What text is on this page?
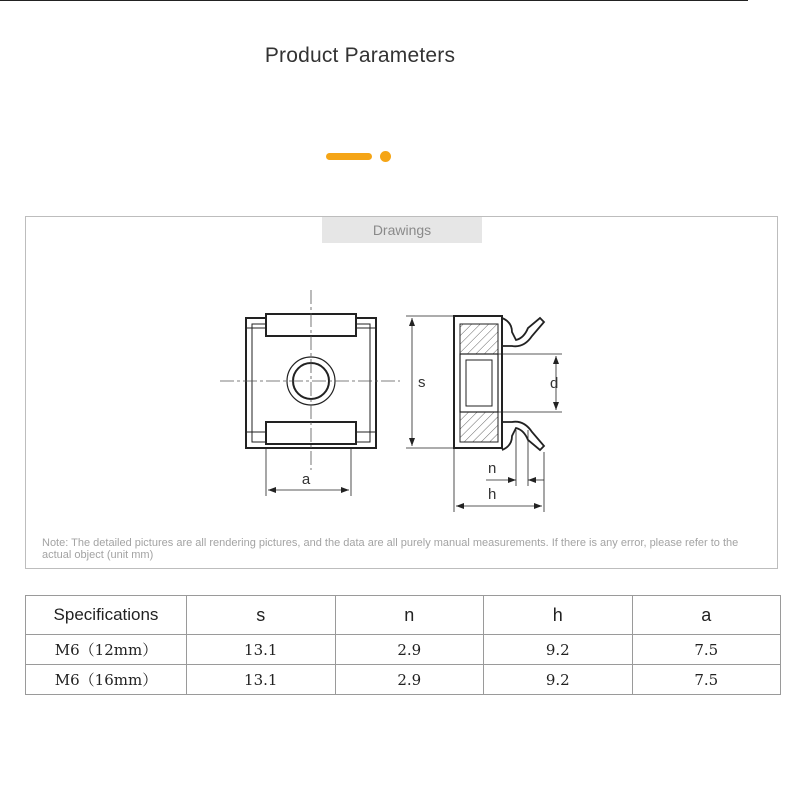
Product Parameters
Drawings
Note: The detailed pictures are all rendering pictures, and the data are all purely manual measurements. If there is any error, please refer to the actual object (unit mm)
a
s	d
n
h
Specifications	s	n	h	a
M6（12mm）	13.1	2.9	9.2	7.5
M6（16mm）	13.1	2.9	9.2	7.5
